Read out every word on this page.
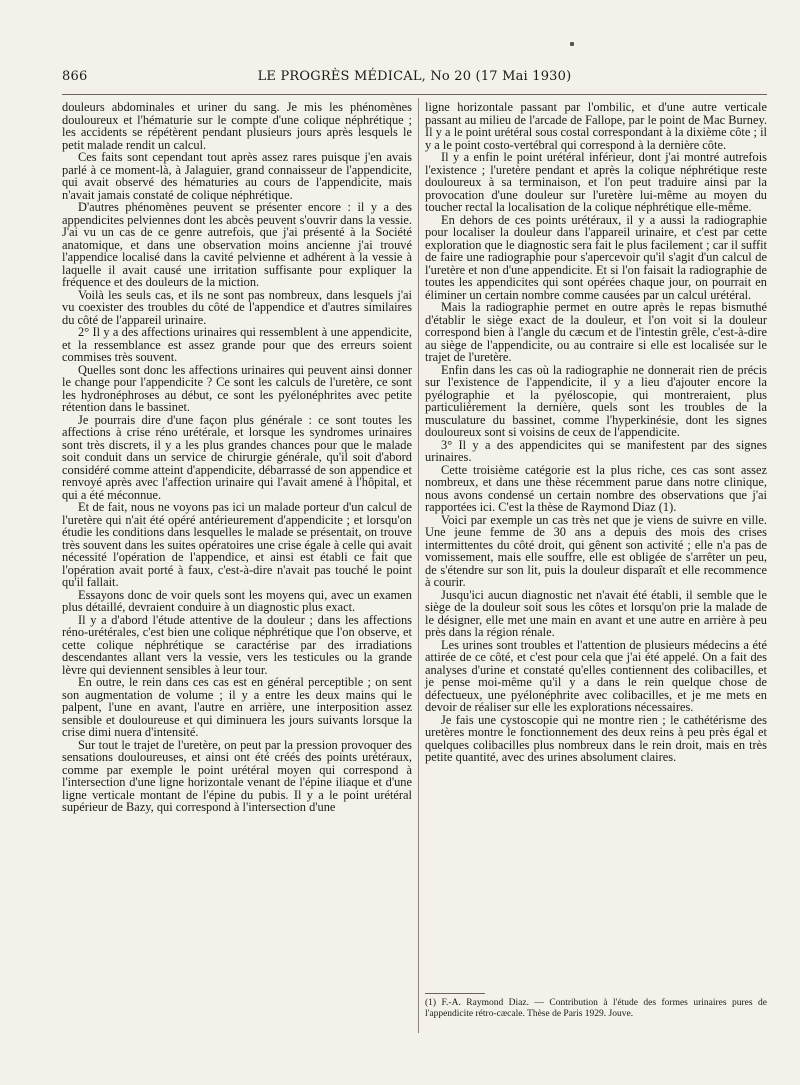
866	LE PROGRÈS MÉDICAL, No 20 (17 Mai 1930)

douleurs abdominales et uriner du sang. Je mis les phénomènes douloureux et l'hématurie sur le compte d'une colique néphrétique ; les accidents se répétèrent pendant plusieurs jours après lesquels le petit malade rendit un calcul.

Ces faits sont cependant tout après assez rares puisque j'en avais parlé à ce moment-là, à Jalaguier, grand connaisseur de l'appendicite, qui avait observé des hématuries au cours de l'appendicite, mais n'avait jamais constaté de colique néphrétique.

D'autres phénomènes peuvent se présenter encore : il y a des appendicites pelviennes dont les abcès peuvent s'ouvrir dans la vessie. J'ai vu un cas de ce genre autrefois, que j'ai présenté à la Société anatomique, et dans une observation moins ancienne j'ai trouvé l'appendice localisé dans la cavité pelvienne et adhérent à la vessie à laquelle il avait causé une irritation suffisante pour expliquer la fréquence et des douleurs de la miction.

Voilà les seuls cas, et ils ne sont pas nombreux, dans lesquels j'ai vu coexister des troubles du côté de l'appendice et d'autres similaires du côté de l'appareil urinaire.

2° Il y a des affections urinaires qui ressemblent à une appendicite, et la ressemblance est assez grande pour que des erreurs soient commises très souvent.

Quelles sont donc les affections urinaires qui peuvent ainsi donner le change pour l'appendicite ? Ce sont les calculs de l'uretère, ce sont les hydronéphroses au début, ce sont les pyélonéphrites avec petite rétention dans le bassinet.

Je pourrais dire d'une façon plus générale : ce sont toutes les affections à crise réno urétérale, et lorsque les syndromes urinaires sont très discrets, il y a les plus grandes chances pour que le malade soit conduit dans un service de chirurgie générale, qu'il soit d'abord considéré comme atteint d'appendicite, débarrassé de son appendice et renvoyé après avec l'affection urinaire qui l'avait amené à l'hôpital, et qui a été méconnue.

Et de fait, nous ne voyons pas ici un malade porteur d'un calcul de l'uretère qui n'ait été opéré antérieurement d'appendicite ; et lorsqu'on étudie les conditions dans lesquelles le malade se présentait, on trouve très souvent dans les suites opératoires une crise égale à celle qui avait nécessité l'opération de l'appendice, et ainsi est établi ce fait que l'opération avait porté à faux, c'est-à-dire n'avait pas touché le point qu'il fallait.

Essayons donc de voir quels sont les moyens qui, avec un examen plus détaillé, devraient conduire à un diagnostic plus exact.

Il y a d'abord l'étude attentive de la douleur ; dans les affections réno-urétérales, c'est bien une colique néphrétique que l'on observe, et cette colique néphrétique se caractérise par des irradiations descendantes allant vers la vessie, vers les testicules ou la grande lèvre qui deviennent sensibles à leur tour.

En outre, le rein dans ces cas est en général perceptible ; on sent son augmentation de volume ; il y a entre les deux mains qui le palpent, l'une en avant, l'autre en arrière, une interposition assez sensible et douloureuse et qui diminuera les jours suivants lorsque la crise dimi nuera d'intensité.

Sur tout le trajet de l'uretère, on peut par la pression provoquer des sensations douloureuses, et ainsi ont été créés des points urétéraux, comme par exemple le point urétéral moyen qui correspond à l'intersection d'une ligne horizontale venant de l'épine iliaque et d'une ligne verticale montant de l'épine du pubis. Il y a le point urétéral supérieur de Bazy, qui correspond à l'intersection d'une

ligne horizontale passant par l'ombilic, et d'une autre verticale passant au milieu de l'arcade de Fallope, par le point de Mac Burney. Il y a le point urétéral sous costal correspondant à la dixième côte ; il y a le point costo-vertébral qui correspond à la dernière côte.

Il y a enfin le point urétéral inférieur, dont j'ai montré autrefois l'existence ; l'uretère pendant et après la colique néphrétique reste douloureux à sa terminaison, et l'on peut traduire ainsi par la provocation d'une douleur sur l'uretère lui-même au moyen du toucher rectal la localisation de la colique néphrétique elle-même.

En dehors de ces points urétéraux, il y a aussi la radiographie pour localiser la douleur dans l'appareil urinaire, et c'est par cette exploration que le diagnostic sera fait le plus facilement ; car il suffit de faire une radiographie pour s'apercevoir qu'il s'agit d'un calcul de l'uretère et non d'une appendicite. Et si l'on faisait la radiographie de toutes les appendicites qui sont opérées chaque jour, on pourrait en éliminer un certain nombre comme causées par un calcul urétéral.

Mais la radiographie permet en outre après le repas bismuthé d'établir le siège exact de la douleur, et l'on voit si la douleur correspond bien à l'angle du cæcum et de l'intestin grêle, c'est-à-dire au siège de l'appendicite, ou au contraire si elle est localisée sur le trajet de l'uretère.

Enfin dans les cas où la radiographie ne donnerait rien de précis sur l'existence de l'appendicite, il y a lieu d'ajouter encore la pyélographie et la pyéloscopie, qui montreraient, plus particulièrement la dernière, quels sont les troubles de la musculature du bassinet, comme l'hyperkinésie, dont les signes douloureux sont si voisins de ceux de l'appendicite.

3° Il y a des appendicites qui se manifestent par des signes urinaires.

Cette troisième catégorie est la plus riche, ces cas sont assez nombreux, et dans une thèse récemment parue dans notre clinique, nous avons condensé un certain nombre des observations que j'ai rapportées ici. C'est la thèse de Raymond Diaz (1).

Voici par exemple un cas très net que je viens de suivre en ville. Une jeune femme de 30 ans a depuis des mois des crises intermittentes du côté droit, qui gênent son activité ; elle n'a pas de vomissement, mais elle souffre, elle est obligée de s'arrêter un peu, de s'étendre sur son lit, puis la douleur disparaît et elle recommence à courir.

Jusqu'ici aucun diagnostic net n'avait été établi, il semble que le siège de la douleur soit sous les côtes et lorsqu'on prie la malade de le désigner, elle met une main en avant et une autre en arrière à peu près dans la région rénale.

Les urines sont troubles et l'attention de plusieurs médecins a été attirée de ce côté, et c'est pour cela que j'ai été appelé. On a fait des analyses d'urine et constaté qu'elles contiennent des colibacilles, et je pense moi-même qu'il y a dans le rein quelque chose de défectueux, une pyélonéphrite avec colibacilles, et je me mets en devoir de réaliser sur elle les explorations nécessaires.

Je fais une cystoscopie qui ne montre rien ; le cathétérisme des uretères montre le fonctionnement des deux reins à peu près égal et quelques colibacilles plus nombreux dans le rein droit, mais en très petite quantité, avec des urines absolument claires.

(1) F.-A. Raymond Diaz. — Contribution à l'étude des formes urinaires pures de l'appendicite rétro-cæcale. Thèse de Paris 1929. Jouve.
